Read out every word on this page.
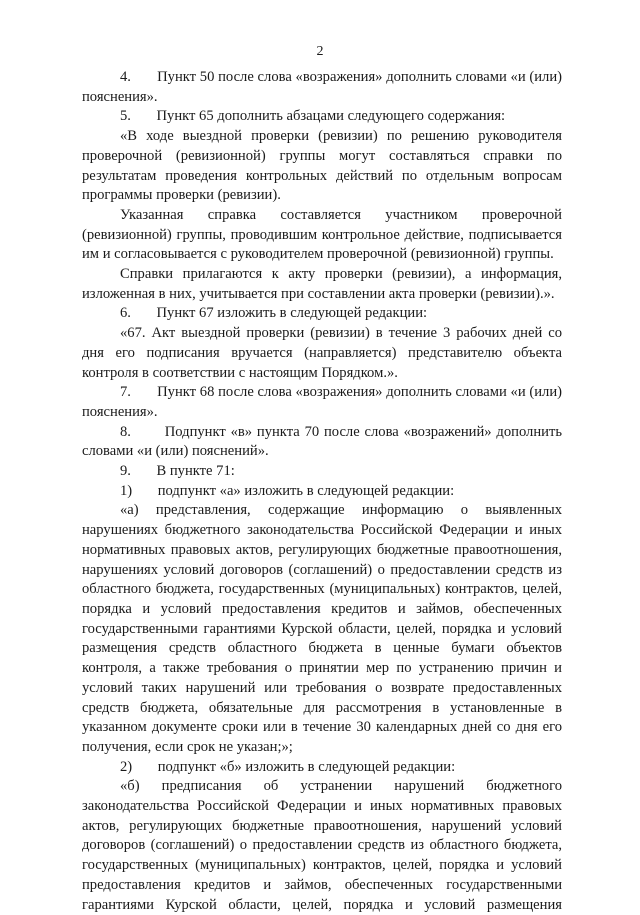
2

4.       Пункт 50 после слова «возражения» дополнить словами «и (или) пояснения».

5.       Пункт 65 дополнить абзацами следующего содержания:

«В ходе выездной проверки (ревизии) по решению руководителя проверочной (ревизионной) группы могут составляться справки по результатам проведения контрольных действий по отдельным вопросам программы проверки (ревизии).

Указанная справка составляется участником проверочной (ревизионной) группы, проводившим контрольное действие, подписывается им и согласовывается с руководителем проверочной (ревизионной) группы.

Справки прилагаются к акту проверки (ревизии), а информация, изложенная в них, учитывается при составлении акта проверки (ревизии).».

6.       Пункт 67 изложить в следующей редакции:

«67. Акт выездной проверки (ревизии) в течение 3 рабочих дней со дня его подписания вручается (направляется) представителю объекта контроля в соответствии с настоящим Порядком.».

7.       Пункт 68 после слова «возражения» дополнить словами «и (или) пояснения».

8.       Подпункт «в» пункта 70 после слова «возражений» дополнить словами «и (или) пояснений».

9.       В пункте 71:

1)       подпункт «а» изложить в следующей редакции:

«а) представления, содержащие информацию о выявленных нарушениях бюджетного законодательства Российской Федерации и иных нормативных правовых актов, регулирующих бюджетные правоотношения, нарушениях условий договоров (соглашений) о предоставлении средств из областного бюджета, государственных (муниципальных) контрактов, целей, порядка и условий предоставления кредитов и займов, обеспеченных государственными гарантиями Курской области, целей, порядка и условий размещения средств областного бюджета в ценные бумаги объектов контроля, а также требования о принятии мер по устранению причин и условий таких нарушений или требования о возврате предоставленных средств бюджета, обязательные для рассмотрения в установленные в указанном документе сроки или в течение 30 календарных дней со дня его получения, если срок не указан;»;

2)       подпункт «б» изложить в следующей редакции:

«б) предписания об устранении нарушений бюджетного законодательства Российской Федерации и иных нормативных правовых актов, регулирующих бюджетные правоотношения, нарушений условий договоров (соглашений) о предоставлении средств из областного бюджета, государственных (муниципальных) контрактов, целей, порядка и условий предоставления кредитов и займов, обеспеченных государственными гарантиями Курской области, целей, порядка и условий размещения
